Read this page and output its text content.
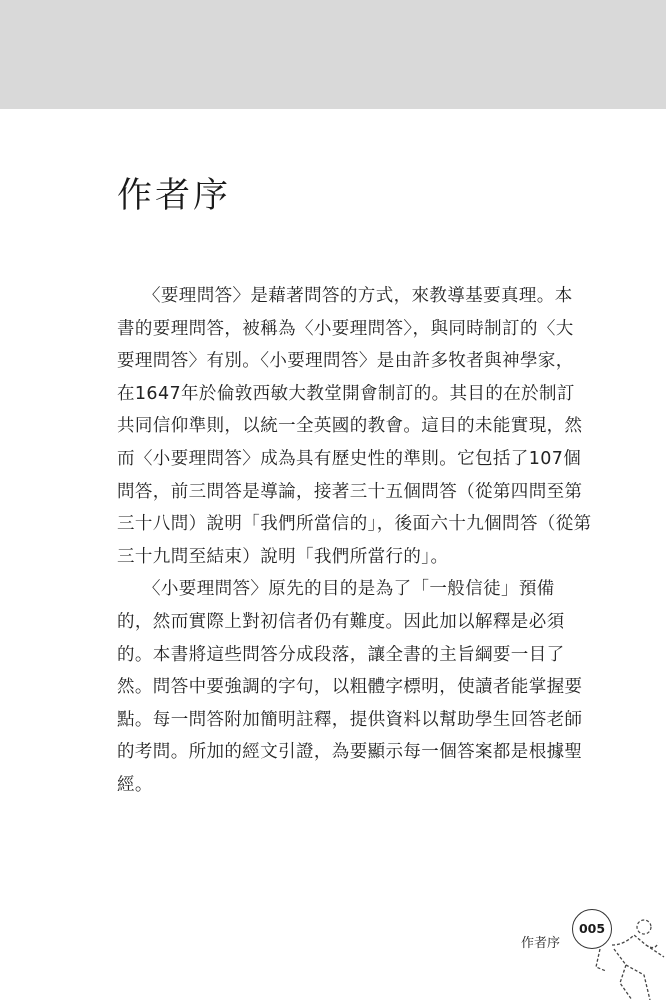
作者序

〈要理問答〉是藉著問答的方式，來教導基要真理。本
書的要理問答，被稱為〈小要理問答〉，與同時制訂的〈大
要理問答〉有別。〈小要理問答〉是由許多牧者與神學家，
在1647年於倫敦西敏大教堂開會制訂的。其目的在於制訂
共同信仰準則，以統一全英國的教會。這目的未能實現，然
而〈小要理問答〉成為具有歷史性的準則。它包括了107個
問答，前三問答是導論，接著三十五個問答（從第四問至第
三十八問）說明「我們所當信的」，後面六十九個問答（從第
三十九問至結束）說明「我們所當行的」。

〈小要理問答〉原先的目的是為了「一般信徒」預備
的，然而實際上對初信者仍有難度。因此加以解釋是必須
的。本書將這些問答分成段落，讓全書的主旨綱要一目了
然。問答中要強調的字句，以粗體字標明，使讀者能掌握要
點。每一問答附加簡明註釋，提供資料以幫助學生回答老師
的考問。所加的經文引證，為要顯示每一個答案都是根據聖
經。

作者序
005
